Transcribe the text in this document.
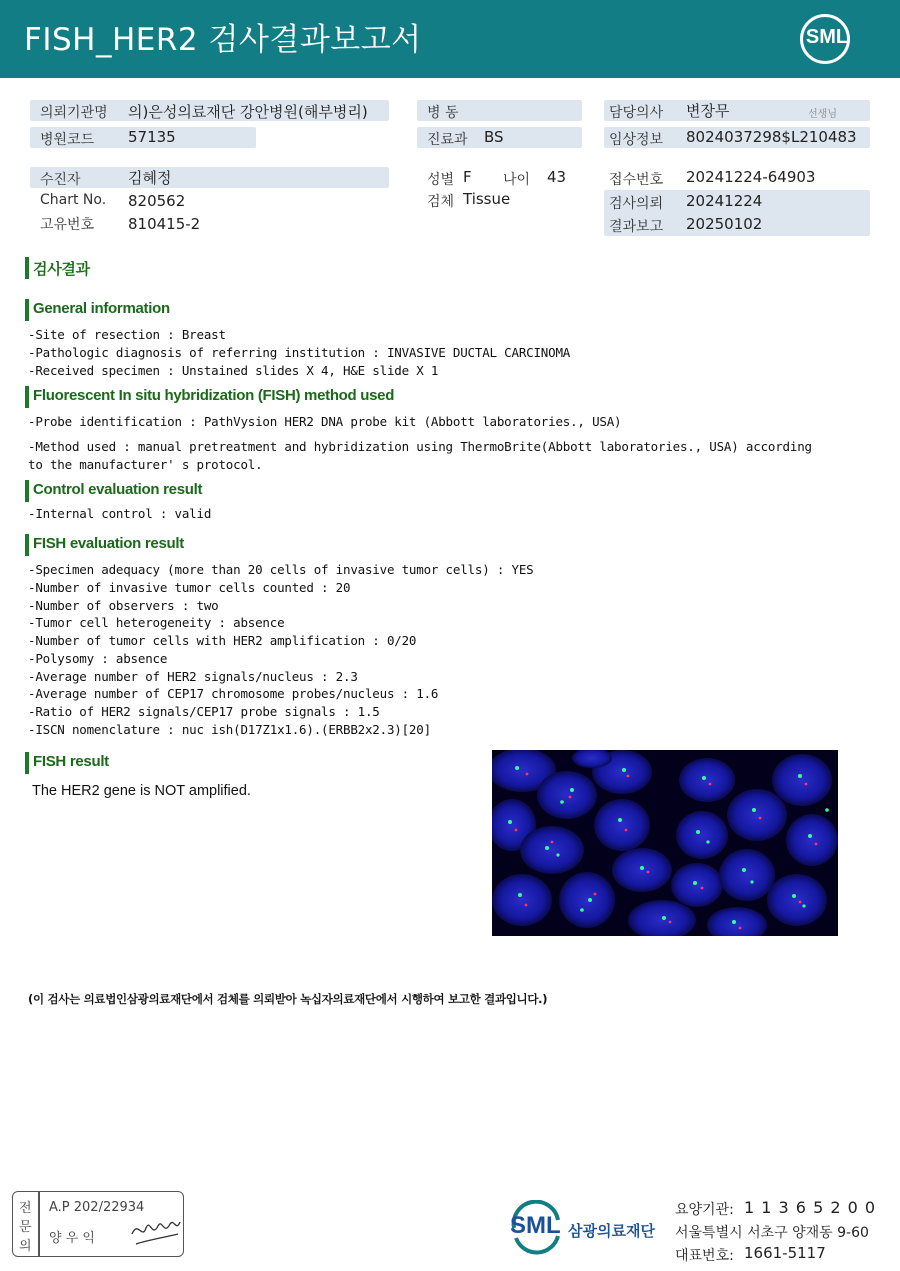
FISH_HER2 검사결과보고서	SML
의뢰기관명 의)은성의료재단 강안병원(해부병리)	병 동	담당의사 변장무	선생님
병원코드 57135	진료과 BS	임상정보 8024037298$L210483
수진자	김혜정	성별 F 나이 43	접수번호 20241224-64903
Chart No. 820562	검체 Tissue	검사의뢰 20241224
고유번호 810415-2	결과보고 20250102
검사결과
General information
-Site of resection : Breast
-Pathologic diagnosis of referring institution : INVASIVE DUCTAL CARCINOMA
-Received specimen : Unstained slides X 4, H&E slide X 1
Fluorescent In situ hybridization (FISH) method used
-Probe identification : PathVysion HER2 DNA probe kit (Abbott laboratories., USA)
-Method used : manual pretreatment and hybridization using ThermoBrite(Abbott laboratories., USA) according
to the manufacturer' s protocol.
Control evaluation result
-Internal control : valid
FISH evaluation result
-Specimen adequacy (more than 20 cells of invasive tumor cells) : YES
-Number of invasive tumor cells counted : 20
-Number of observers : two
-Tumor cell heterogeneity : absence
-Number of tumor cells with HER2 amplification : 0/20
-Polysomy : absence
-Average number of HER2 signals/nucleus : 2.3
-Average number of CEP17 chromosome probes/nucleus : 1.6
-Ratio of HER2 signals/CEP17 probe signals : 1.5
-ISCN nomenclature : nuc ish(D17Z1x1.6).(ERBB2x2.3)[20]
FISH result
The HER2 gene is NOT amplified.
(이 검사는 의료법인삼광의료재단에서 검체를 의뢰받아 녹십자의료재단에서 시행하여 보고한 결과입니다.)
전
문
의
A.P 202/22934
양 우 익	SML 삼광의료재단
요양기관: 1 1 3 6 5 2 0 0
서울특별시 서초구 양재동 9-60
대표번호: 1661-5117
